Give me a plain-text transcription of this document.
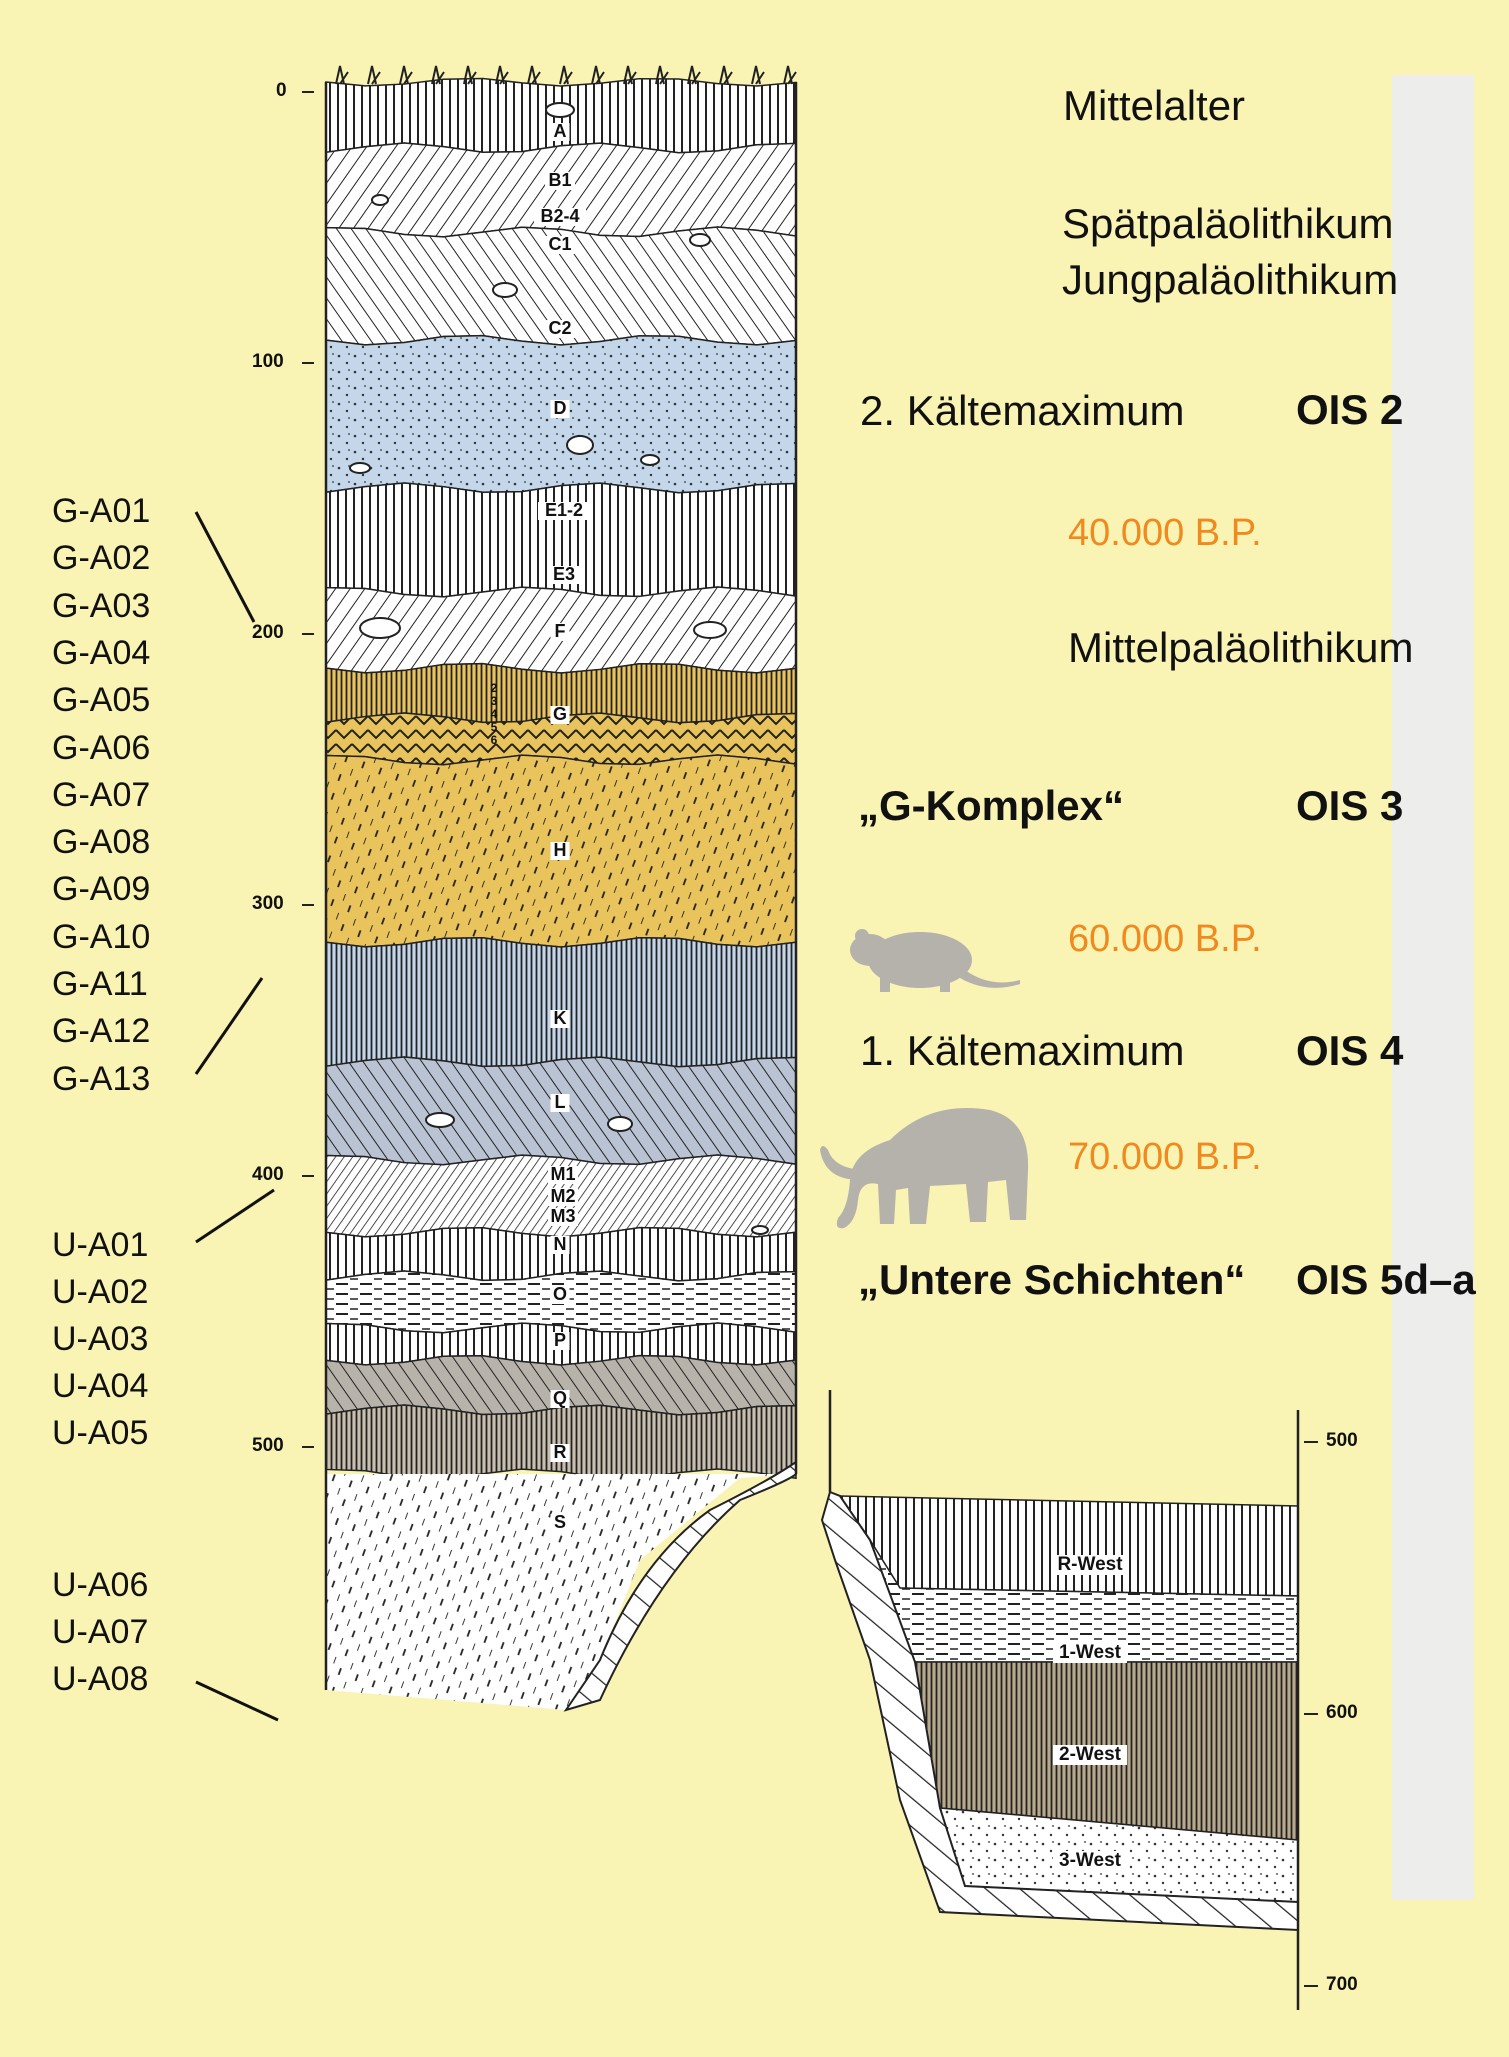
A
B1
B2-4
C1
C2
D
E1-2
E3
F
G
H
K
L
M1
M2
M3
N
O
P
Q
R
S
R-West
1-West
2-West
3-West
2
3
4
5
6
0
100
200
300
400
500	500
600
700
G-A01
G-A02
G-A03
G-A04
G-A05
G-A06
G-A07
G-A08
G-A09
G-A10
G-A11
G-A12
G-A13
U-A01
U-A02
U-A03
U-A04
U-A05
U-A06
U-A07
U-A08
Mittelalter
Spätpaläolithikum
Jungpaläolithikum
2. Kältemaximum	OIS 2
40.000 B.P.
Mittelpaläolithikum
„G-Komplex“	OIS 3
60.000 B.P.
1. Kältemaximum	OIS 4
70.000 B.P.
„Untere Schichten“ OIS 5d–a
